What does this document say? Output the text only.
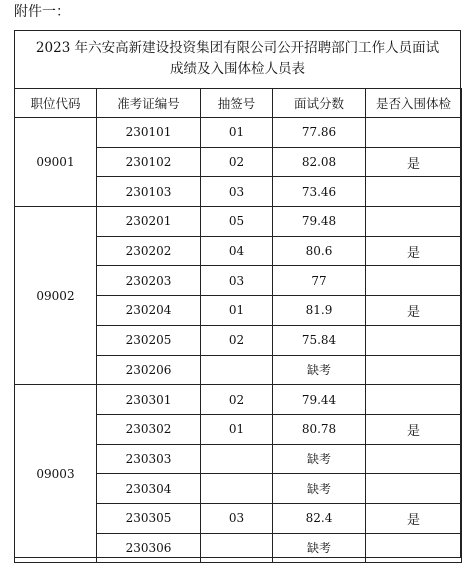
附件一：
2023 年六安高新建设投资集团有限公司公开招聘部门工作人员面试
成绩及入围体检人员表
职位代码	准考证编号	抽签号	面试分数	是否入围体检
09001	230101	01	77.86	
	230102	02	82.08	是
	230103	03	73.46	
09002	230201	05	79.48	
	230202	04	80.6	是
	230203	03	77	
	230204	01	81.9	是
	230205	02	75.84	
	230206		缺考	
09003	230301	02	79.44	
	230302	01	80.78	是
	230303		缺考	
	230304		缺考	
	230305	03	82.4	是
	230306		缺考	
